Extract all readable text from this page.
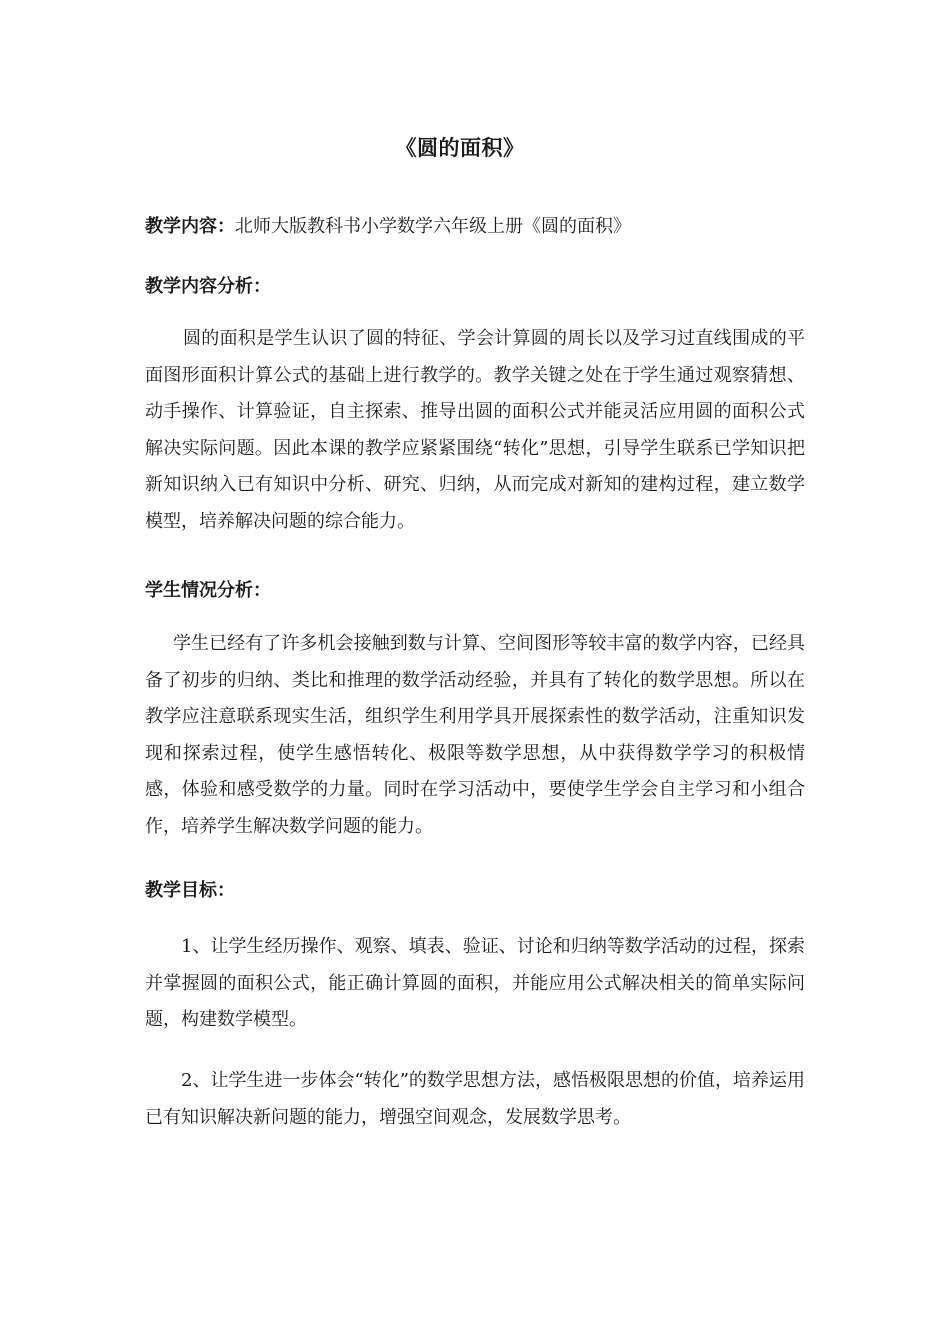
《圆的面积》
教学内容：北师大版教科书小学数学六年级上册《圆的面积》
教学内容分析：
圆的面积是学生认识了圆的特征、学会计算圆的周长以及学习过直线围成的平面图形面积计算公式的基础上进行教学的。教学关键之处在于学生通过观察猜想、动手操作、计算验证，自主探索、推导出圆的面积公式并能灵活应用圆的面积公式解决实际问题。因此本课的教学应紧紧围绕“转化”思想，引导学生联系已学知识把新知识纳入已有知识中分析、研究、归纳，从而完成对新知的建构过程，建立数学模型，培养解决问题的综合能力。
学生情况分析：
学生已经有了许多机会接触到数与计算、空间图形等较丰富的数学内容，已经具备了初步的归纳、类比和推理的数学活动经验，并具有了转化的数学思想。所以在教学应注意联系现实生活，组织学生利用学具开展探索性的数学活动，注重知识发现和探索过程，使学生感悟转化、极限等数学思想，从中获得数学学习的积极情感，体验和感受数学的力量。同时在学习活动中，要使学生学会自主学习和小组合作，培养学生解决数学问题的能力。
教学目标：
1、让学生经历操作、观察、填表、验证、讨论和归纳等数学活动的过程，探索并掌握圆的面积公式，能正确计算圆的面积，并能应用公式解决相关的简单实际问题，构建数学模型。
2、让学生进一步体会“转化”的数学思想方法，感悟极限思想的价值，培养运用已有知识解决新问题的能力，增强空间观念，发展数学思考。
